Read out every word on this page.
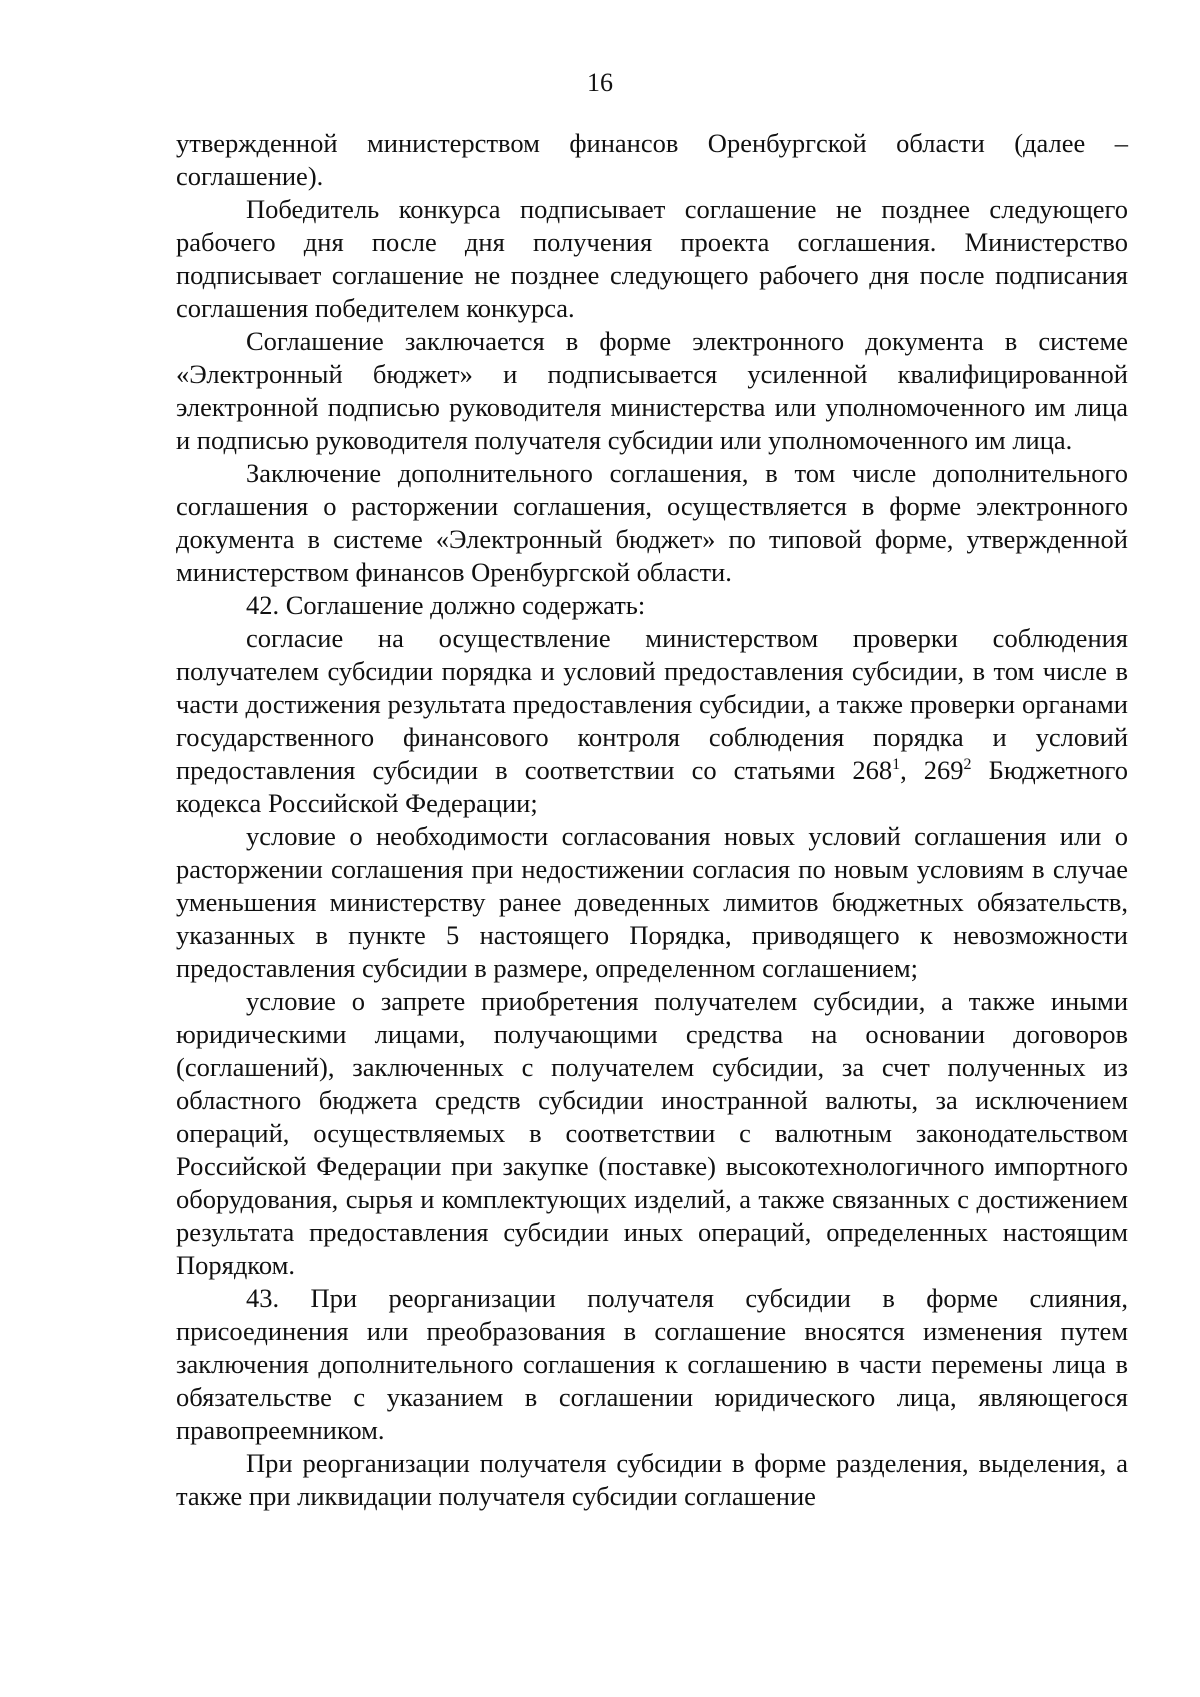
16

утвержденной министерством финансов Оренбургской области (далее – соглашение).

Победитель конкурса подписывает соглашение не позднее следующего рабочего дня после дня получения проекта соглашения. Министерство подписывает соглашение не позднее следующего рабочего дня после подписания соглашения победителем конкурса.

Соглашение заключается в форме электронного документа в системе «Электронный бюджет» и подписывается усиленной квалифицированной электронной подписью руководителя министерства или уполномоченного им лица и подписью руководителя получателя субсидии или уполномоченного им лица.

Заключение дополнительного соглашения, в том числе дополнительного соглашения о расторжении соглашения, осуществляется в форме электронного документа в системе «Электронный бюджет» по типовой форме, утвержденной министерством финансов Оренбургской области.

42. Соглашение должно содержать:

согласие на осуществление министерством проверки соблюдения получателем субсидии порядка и условий предоставления субсидии, в том числе в части достижения результата предоставления субсидии, а также проверки органами государственного финансового контроля соблюдения порядка и условий предоставления субсидии в соответствии со статьями $268^1$, $269^2$ Бюджетного кодекса Российской Федерации;

условие о необходимости согласования новых условий соглашения или о расторжении соглашения при недостижении согласия по новым условиям в случае уменьшения министерству ранее доведенных лимитов бюджетных обязательств, указанных в пункте 5 настоящего Порядка, приводящего к невозможности предоставления субсидии в размере, определенном соглашением;

условие о запрете приобретения получателем субсидии, а также иными юридическими лицами, получающими средства на основании договоров (соглашений), заключенных с получателем субсидии, за счет полученных из областного бюджета средств субсидии иностранной валюты, за исключением операций, осуществляемых в соответствии с валютным законодательством Российской Федерации при закупке (поставке) высокотехнологичного импортного оборудования, сырья и комплектующих изделий, а также связанных с достижением результата предоставления субсидии иных операций, определенных настоящим Порядком.

43. При реорганизации получателя субсидии в форме слияния, присоединения или преобразования в соглашение вносятся изменения путем заключения дополнительного соглашения к соглашению в части перемены лица в обязательстве с указанием в соглашении юридического лица, являющегося правопреемником.

При реорганизации получателя субсидии в форме разделения, выделения, а также при ликвидации получателя субсидии соглашение
